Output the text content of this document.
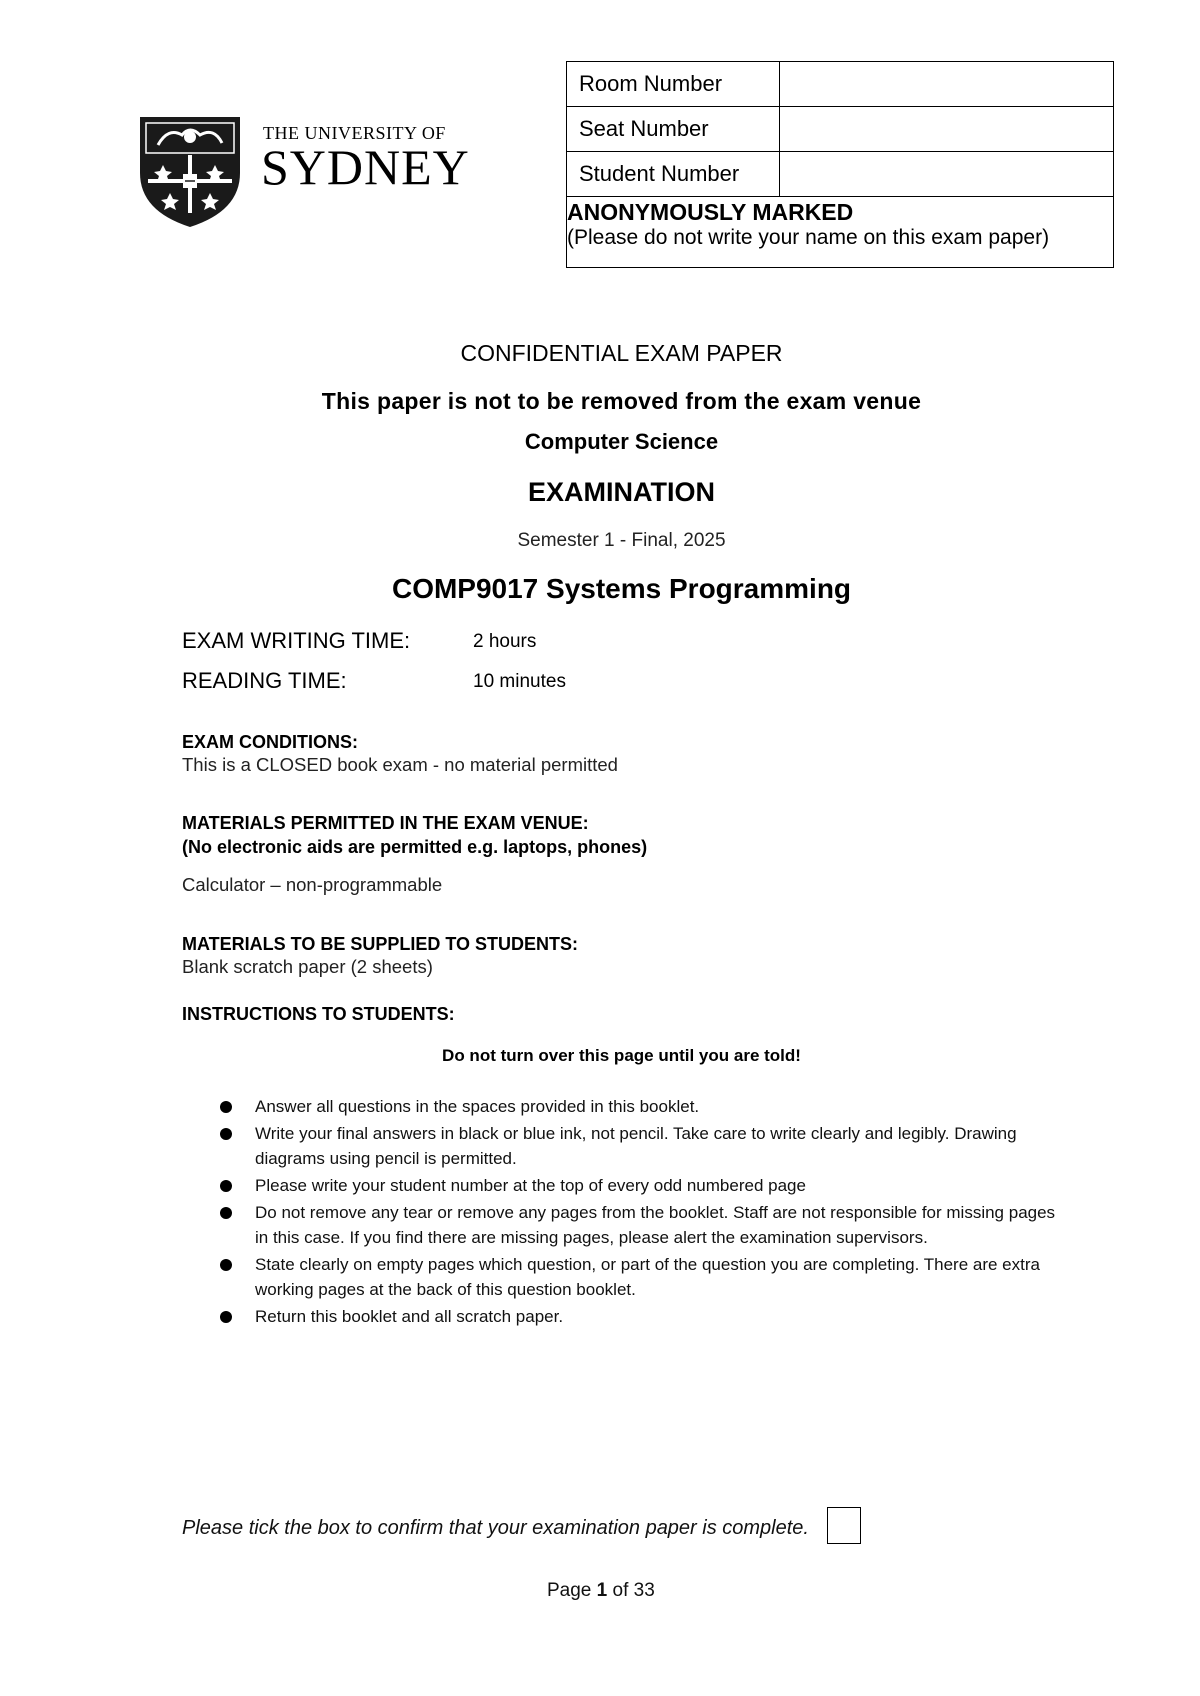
THE UNIVERSITY OF
SYDNEY
Room Number	
Seat Number	
Student Number	

ANONYMOUSLY MARKED
(Please do not write your name on this exam paper)	
CONFIDENTIAL EXAM PAPER
This paper is not to be removed from the exam venue
Computer Science
EXAMINATION
Semester 1 - Final, 2025
COMP9017 Systems Programming
EXAM WRITING TIME:	2 hours
READING TIME:	10 minutes
EXAM CONDITIONS:
This is a CLOSED book exam - no material permitted
MATERIALS PERMITTED IN THE EXAM VENUE:
(No electronic aids are permitted e.g. laptops, phones)
Calculator – non-programmable
MATERIALS TO BE SUPPLIED TO STUDENTS:
Blank scratch paper (2 sheets)
INSTRUCTIONS TO STUDENTS:
Do not turn over this page until you are told!
Answer all questions in the spaces provided in this booklet.
Write your final answers in black or blue ink, not pencil. Take care to write clearly and legibly. Drawing diagrams using pencil is permitted.
Please write your student number at the top of every odd numbered page
Do not remove any tear or remove any pages from the booklet. Staff are not responsible for missing pages in this case. If you find there are missing pages, please alert the examination supervisors.
State clearly on empty pages which question, or part of the question you are completing. There are extra working pages at the back of this question booklet.
Return this booklet and all scratch paper.
Please tick the box to confirm that your examination paper is complete.
Page 1 of 33
